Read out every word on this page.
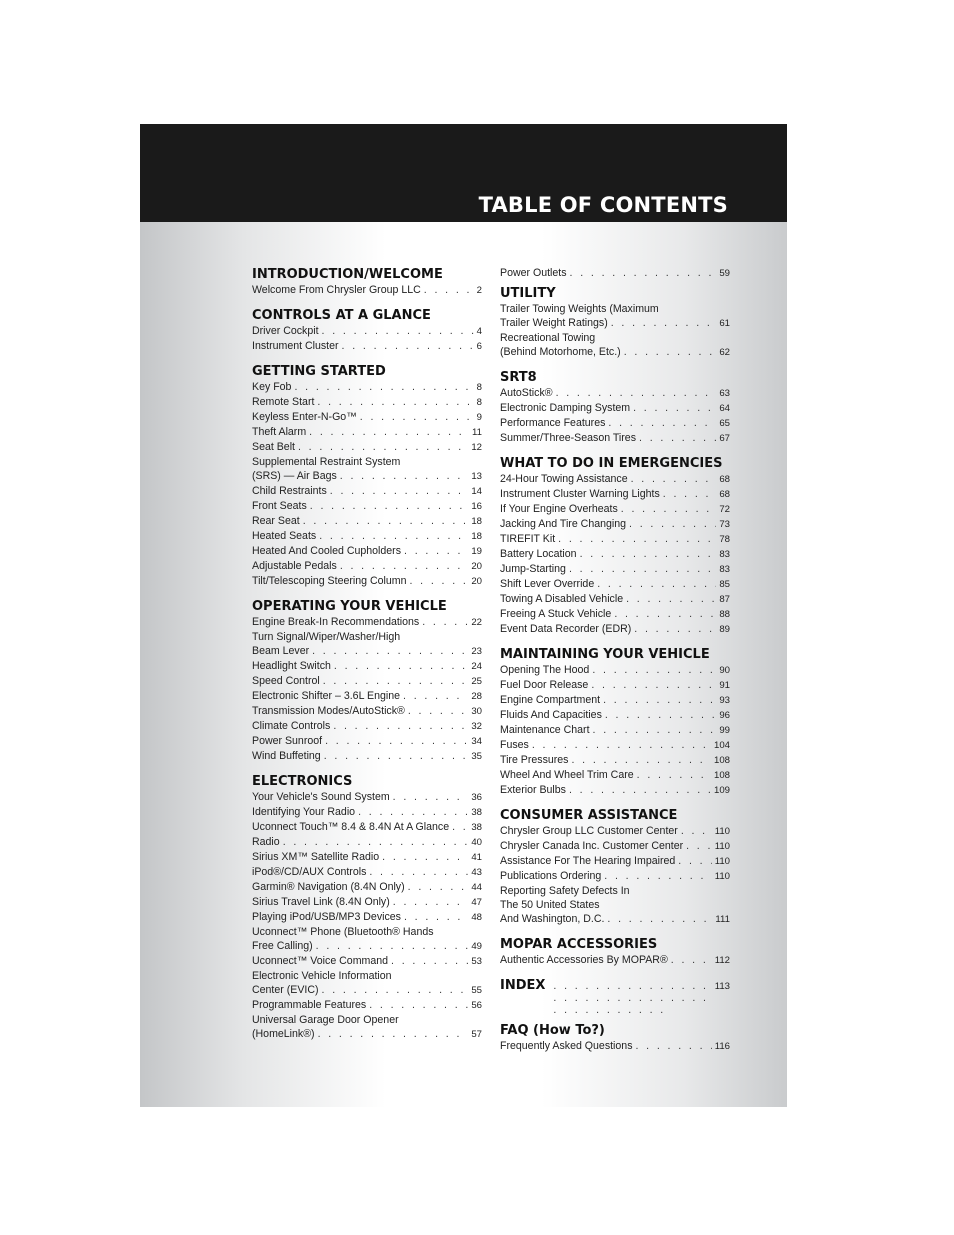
TABLE OF CONTENTS
INTRODUCTION/WELCOME
Welcome From Chrysler Group LLC . . .	2
CONTROLS AT A GLANCE
Driver Cockpit . . .	4
Instrument Cluster . . .	6
GETTING STARTED
Key Fob . . .	8
Remote Start . . .	8
Keyless Enter-N-Go™ . . .	9
Theft Alarm . . .	11
Seat Belt . . .	12
Supplemental Restraint System
(SRS) — Air Bags . . .	13
Child Restraints . . .	14
Front Seats . . .	16
Rear Seat . . .	18
Heated Seats . . .	18
Heated And Cooled Cupholders . . .	19
Adjustable Pedals . . .	20
Tilt/Telescoping Steering Column . . .	20
OPERATING YOUR VEHICLE
Engine Break-In Recommendations . . .	22
Turn Signal/Wiper/Washer/High
Beam Lever . . .	23
Headlight Switch . . .	24
Speed Control . . .	25
Electronic Shifter – 3.6L Engine . . .	28
Transmission Modes/AutoStick® . . .	30
Climate Controls . . .	32
Power Sunroof . . .	34
Wind Buffeting . . .	35
ELECTRONICS
Your Vehicle's Sound System . . .	36
Identifying Your Radio . . .	38
Uconnect Touch™ 8.4 & 8.4N At A Glance . . . 38
Radio . . .	40
Sirius XM™ Satellite Radio . . .	41
iPod®/CD/AUX Controls . . .	43
Garmin® Navigation (8.4N Only) . . .	44
Sirius Travel Link (8.4N Only) . . .	47
Playing iPod/USB/MP3 Devices . . .	48
Uconnect™ Phone (Bluetooth® Hands
Free Calling) . . .	49
Uconnect™ Voice Command . . .	53
Electronic Vehicle Information
Center (EVIC) . . .	55
Programmable Features . . .	56
Universal Garage Door Opener
(HomeLink®) . . .	57
Power Outlets . . .	59
UTILITY
Trailer Towing Weights (Maximum
Trailer Weight Ratings) . . .	61
Recreational Towing
(Behind Motorhome, Etc.) . . .	62
SRT8
AutoStick® . . .	63
Electronic Damping System . . .	64
Performance Features . . .	65
Summer/Three-Season Tires . . .	67
WHAT TO DO IN EMERGENCIES
24-Hour Towing Assistance . . .	68
Instrument Cluster Warning Lights . . .	68
If Your Engine Overheats . . .	72
Jacking And Tire Changing . . .	73
TIREFIT Kit . . .	78
Battery Location . . .	83
Jump-Starting . . .	83
Shift Lever Override . . .	85
Towing A Disabled Vehicle . . .	87
Freeing A Stuck Vehicle . . .	88
Event Data Recorder (EDR) . . .	89
MAINTAINING YOUR VEHICLE
Opening The Hood . . .	90
Fuel Door Release . . .	91
Engine Compartment . . .	93
Fluids And Capacities . . .	96
Maintenance Chart . . .	99
Fuses . . .	104
Tire Pressures . . .	108
Wheel And Wheel Trim Care . . .	108
Exterior Bulbs . . .	109
CONSUMER ASSISTANCE
Chrysler Group LLC Customer Center . . .	110
Chrysler Canada Inc. Customer Center . . .	110
Assistance For The Hearing Impaired . . .	110
Publications Ordering . . .	110
Reporting Safety Defects In
The 50 United States
And Washington, D.C. . . .	111
MOPAR ACCESSORIES
Authentic Accessories By MOPAR® . . .	112
INDEX . . .	113
FAQ (How To?)
Frequently Asked Questions . . .	116
